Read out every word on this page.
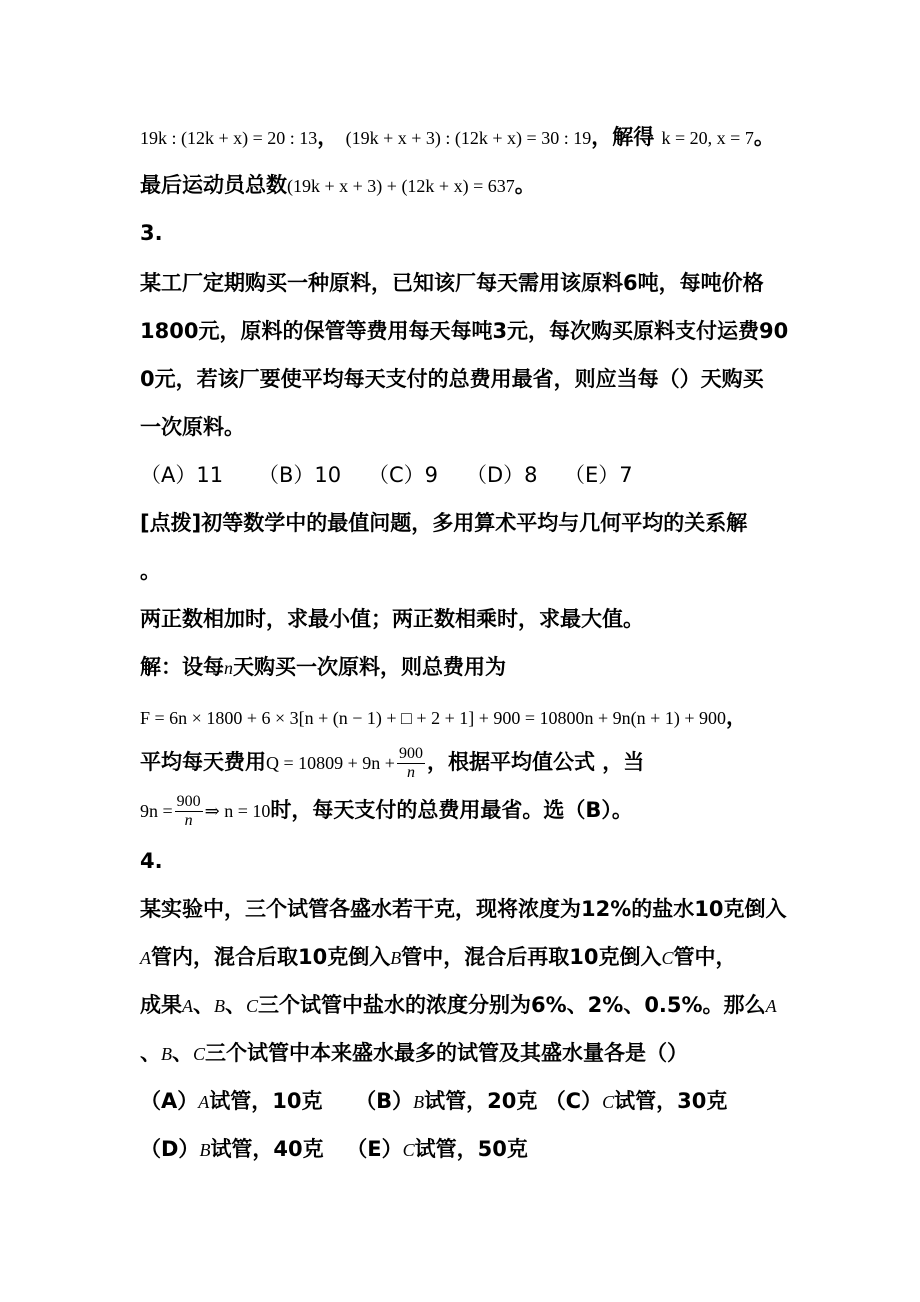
19k : (12k + x) = 20 : 13， (19k + x + 3) : (12k + x) = 30 : 19，解得 k = 20, x = 7。
最后运动员总数(19k + x + 3) + (12k + x) = 637。
3.
某工厂定期购买一种原料，已知该厂每天需用该原料6吨，每吨价格
1800元，原料的保管等费用每天每吨3元，每次购买原料支付运费90
0元，若该厂要使平均每天支付的总费用最省，则应当每（）天购买
一次原料。
（A）11 （B）10 （C）9 （D）8 （E）7
[点拨]初等数学中的最值问题，多用算术平均与几何平均的关系解
。
两正数相加时，求最小值；两正数相乘时，求最大值。
解：设每n天购买一次原料，则总费用为
F = 6n × 1800 + 6 × 3[n + (n − 1) + □ + 2 + 1] + 900 = 10800n + 9n(n + 1) + 900，
平均每天费用$Q = 10809 + 9n + \frac{900}{n}$ ，根据平均值公式 ，当
$9n = \frac{900}{n}$ ⇒ n = 10时，每天支付的总费用最省。选（B）。
4.
某实验中，三个试管各盛水若干克，现将浓度为12%的盐水10克倒入
A管内，混合后取10克倒入B管中，混合后再取10克倒入C管中，
成果A、B、C三个试管中盐水的浓度分别为6%、2%、0.5%。那么A
、B、C三个试管中本来盛水最多的试管及其盛水量各是（）
（A）A试管，10克 （B）B试管，20克 （C）C试管，30克
（D）B试管，40克 （E）C试管，50克
